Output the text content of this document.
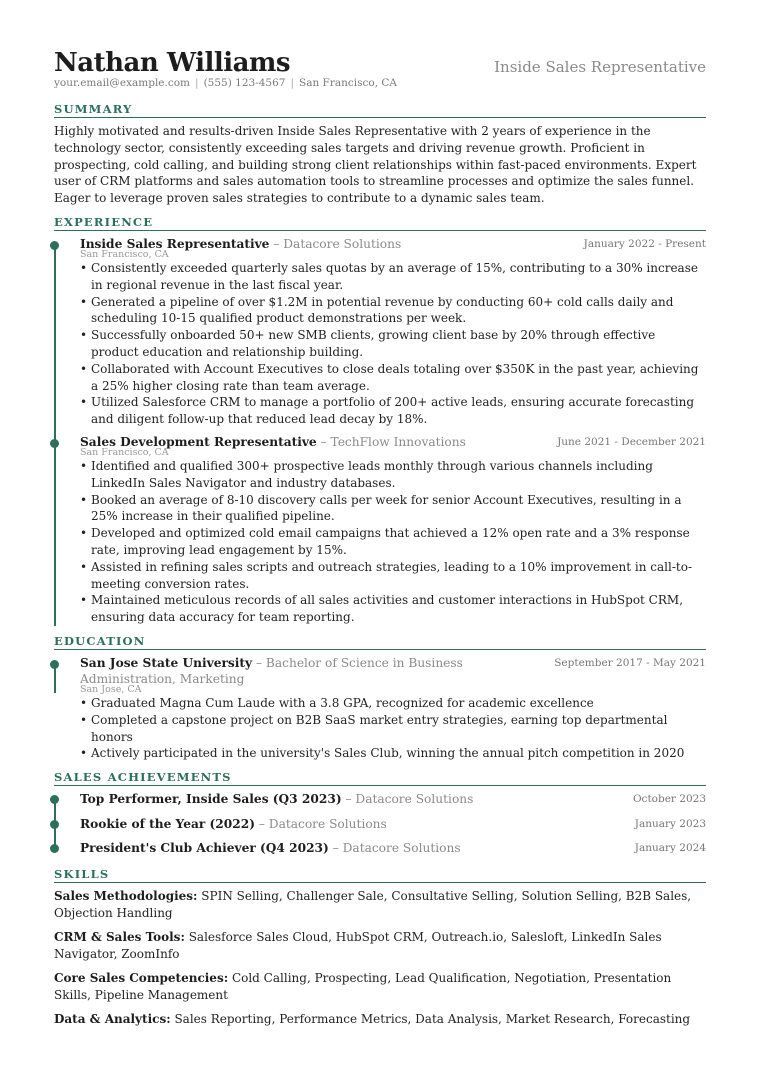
Nathan Williams	Inside Sales Representative
your.email@example.com | (555) 123-4567 | San Francisco, CA
SUMMARY

Highly motivated and results-driven Inside Sales Representative with 2 years of experience in the technology sector, consistently exceeding sales targets and driving revenue growth. Proficient in prospecting, cold calling, and building strong client relationships within fast-paced environments. Expert user of CRM platforms and sales automation tools to streamline processes and optimize the sales funnel. Eager to leverage proven sales strategies to contribute to a dynamic sales team.

EXPERIENCE
Inside Sales Representative – Datacore Solutions	January 2022 - Present
San Francisco, CA
• Consistently exceeded quarterly sales quotas by an average of 15%, contributing to a 30% increase in regional revenue in the last fiscal year.
• Generated a pipeline of over $1.2M in potential revenue by conducting 60+ cold calls daily and scheduling 10-15 qualified product demonstrations per week.
• Successfully onboarded 50+ new SMB clients, growing client base by 20% through effective product education and relationship building.
• Collaborated with Account Executives to close deals totaling over $350K in the past year, achieving a 25% higher closing rate than team average.
• Utilized Salesforce CRM to manage a portfolio of 200+ active leads, ensuring accurate forecasting and diligent follow-up that reduced lead decay by 18%.
Sales Development Representative – TechFlow Innovations	June 2021 - December 2021
San Francisco, CA
• Identified and qualified 300+ prospective leads monthly through various channels including LinkedIn Sales Navigator and industry databases.
• Booked an average of 8-10 discovery calls per week for senior Account Executives, resulting in a 25% increase in their qualified pipeline.
• Developed and optimized cold email campaigns that achieved a 12% open rate and a 3% response rate, improving lead engagement by 15%.
• Assisted in refining sales scripts and outreach strategies, leading to a 10% improvement in call-to-meeting conversion rates.
• Maintained meticulous records of all sales activities and customer interactions in HubSpot CRM, ensuring data accuracy for team reporting.
EDUCATION
San Jose State University – Bachelor of Science in Business Administration, Marketing
September 2017 - May 2021
San Jose, CA
• Graduated Magna Cum Laude with a 3.8 GPA, recognized for academic excellence
• Completed a capstone project on B2B SaaS market entry strategies, earning top departmental honors
• Actively participated in the university's Sales Club, winning the annual pitch competition in 2020
SALES ACHIEVEMENTS
Top Performer, Inside Sales (Q3 2023) – Datacore Solutions	October 2023
Rookie of the Year (2022) – Datacore Solutions	January 2023
President's Club Achiever (Q4 2023) – Datacore Solutions	January 2024
SKILLS

Sales Methodologies: SPIN Selling, Challenger Sale, Consultative Selling, Solution Selling, B2B Sales, Objection Handling

CRM & Sales Tools: Salesforce Sales Cloud, HubSpot CRM, Outreach.io, Salesloft, LinkedIn Sales Navigator, ZoomInfo

Core Sales Competencies: Cold Calling, Prospecting, Lead Qualification, Negotiation, Presentation Skills, Pipeline Management

Data & Analytics: Sales Reporting, Performance Metrics, Data Analysis, Market Research, Forecasting
